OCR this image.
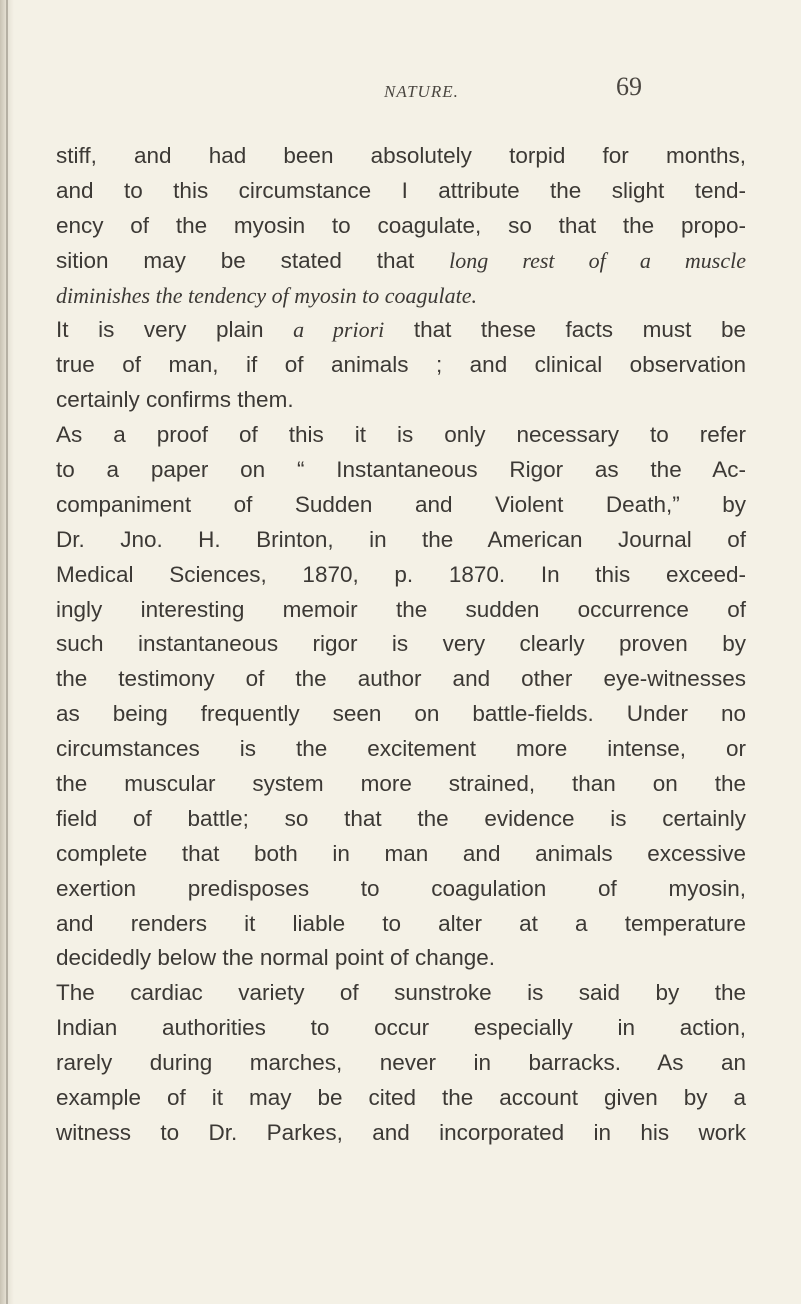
NATURE.	69
stiff, and had been absolutely torpid for months,
and to this circumstance I attribute the slight tend-
ency of the myosin to coagulate, so that the propo-
sition may be stated that long rest of a muscle
diminishes the tendency of myosin to coagulate.
It is very plain a priori that these facts must be
true of man, if of animals ; and clinical observation
certainly confirms them.
As a proof of this it is only necessary to refer
to a paper on “ Instantaneous Rigor as the Ac-
companiment of Sudden and Violent Death,” by
Dr. Jno. H. Brinton, in the American Journal of
Medical Sciences, 1870, p. 1870. In this exceed-
ingly interesting memoir the sudden occurrence of
such instantaneous rigor is very clearly proven by
the testimony of the author and other eye-witnesses
as being frequently seen on battle-fields. Under no
circumstances is the excitement more intense, or
the muscular system more strained, than on the
field of battle; so that the evidence is certainly
complete that both in man and animals excessive
exertion predisposes to coagulation of myosin,
and renders it liable to alter at a temperature
decidedly below the normal point of change.
The cardiac variety of sunstroke is said by the
Indian authorities to occur especially in action,
rarely during marches, never in barracks. As an
example of it may be cited the account given by a
witness to Dr. Parkes, and incorporated in his work
